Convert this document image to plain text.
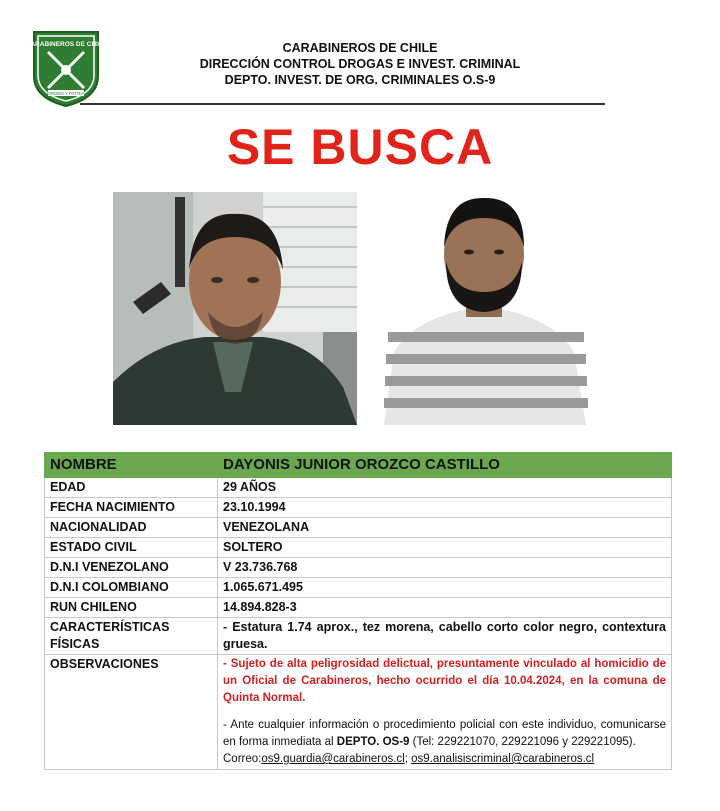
CARABINEROS DE CHILE
ORDEN Y PATRIA
CARABINEROS DE CHILE
DIRECCIÓN CONTROL DROGAS E INVEST. CRIMINAL
DEPTO. INVEST. DE ORG. CRIMINALES O.S-9
SE BUSCA
NOMBRE	DAYONIS JUNIOR OROZCO CASTILLO
EDAD	29 AÑOS
FECHA NACIMIENTO	23.10.1994
NACIONALIDAD	VENEZOLANA
ESTADO CIVIL	SOLTERO
D.N.I VENEZOLANO	V 23.736.768
D.N.I COLOMBIANO	1.065.671.495
RUN CHILENO	14.894.828-3

CARACTERÍSTICAS
FÍSICAS	- Estatura 1.74 aprox., tez morena, cabello corto color negro, contextura gruesa.
OBSERVACIONES	- Sujeto de alta peligrosidad delictual, presuntamente vinculado al homicidio de un Oficial de Carabineros, hecho ocurrido el día 10.04.2024, en la comuna de Quinta Normal.
- Ante cualquier información o procedimiento policial con este individuo, comunicarse en forma inmediata al DEPTO. OS-9 (Tel: 229221070, 229221096 y 229221095).
Correo:os9.guardia@carabineros.cl; os9.analisiscriminal@carabineros.cl
